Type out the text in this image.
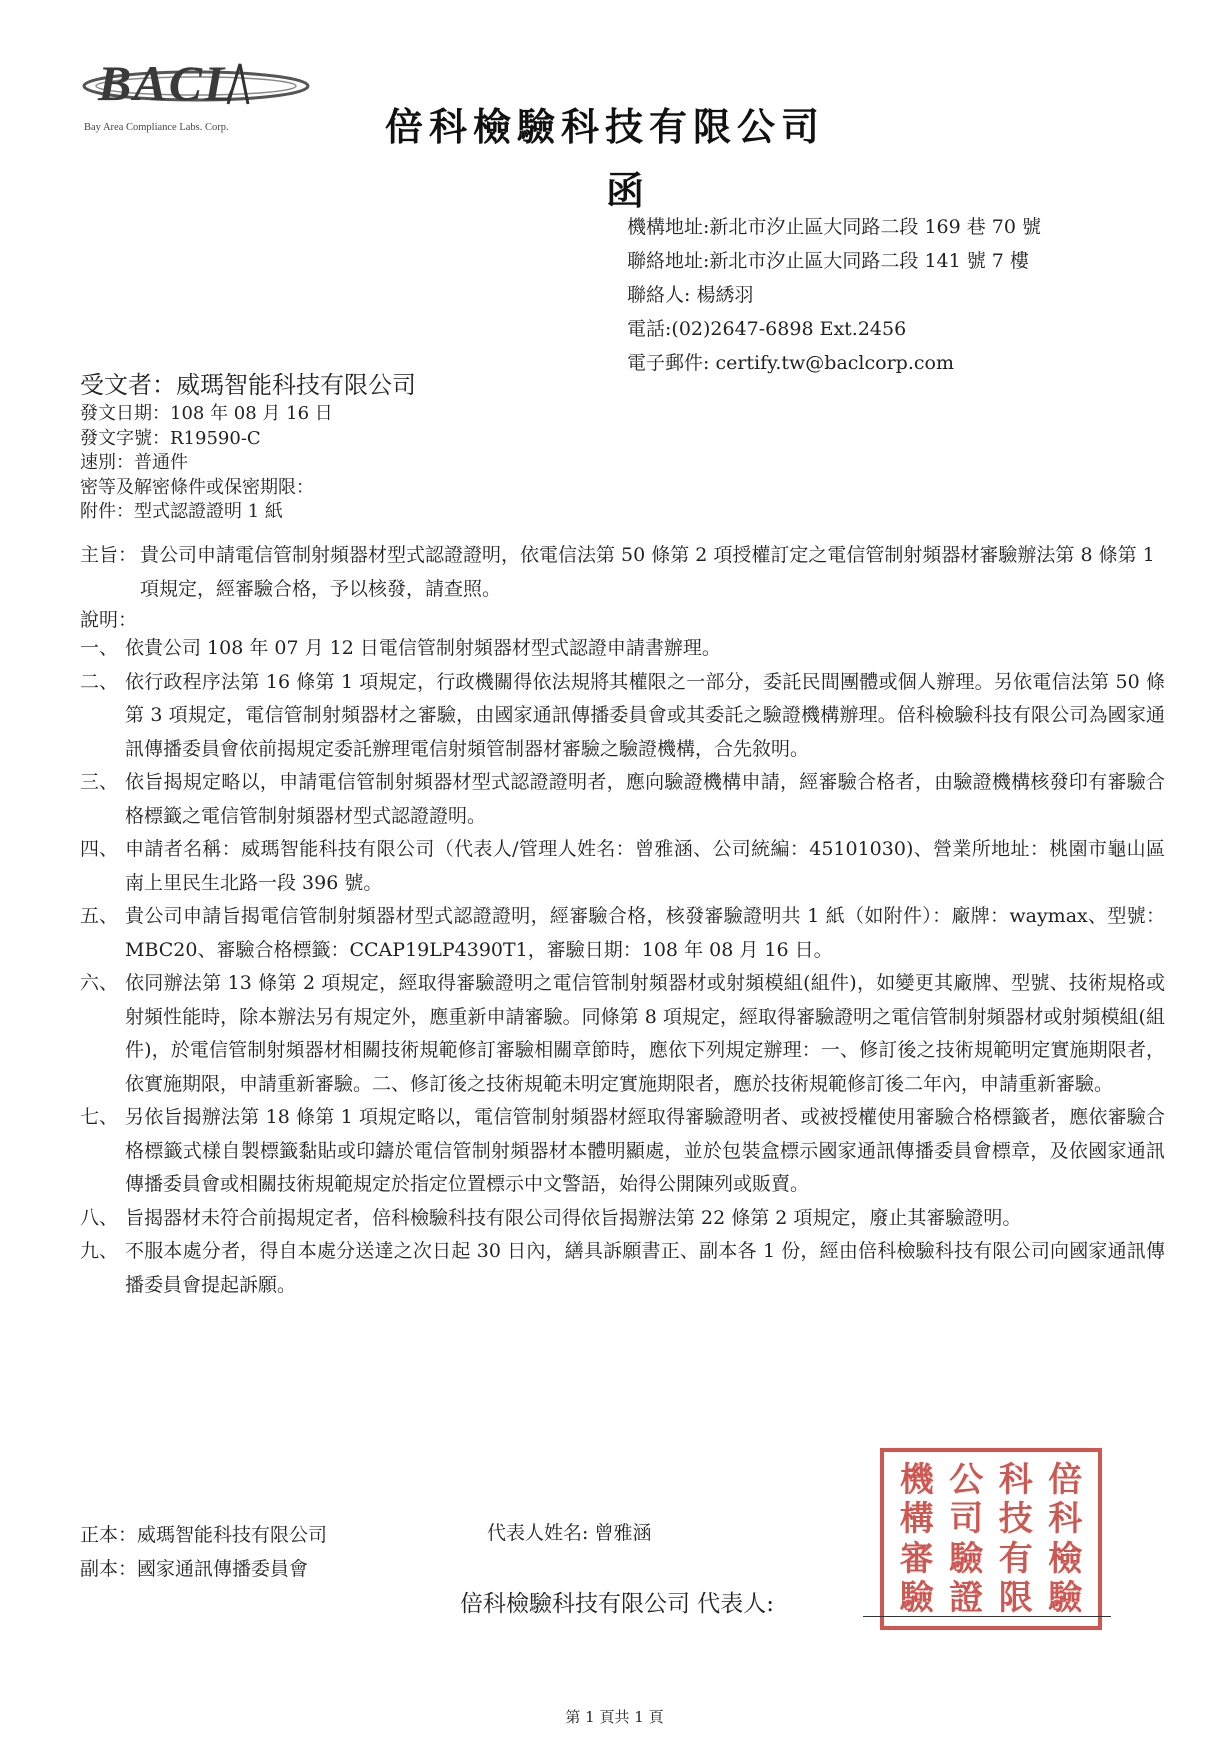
BACL
Bay Area Compliance Labs. Corp.	倍科檢驗科技有限公司
函
機構地址:新北市汐止區大同路二段 169 巷 70 號
聯絡地址:新北市汐止區大同路二段 141 號 7 樓
聯絡人: 楊綉羽
電話:(02)2647-6898 Ext.2456
電子郵件: certify.tw@baclcorp.com
受文者：威瑪智能科技有限公司
發文日期：108 年 08 月 16 日
發文字號：R19590-C
速別：普通件
密等及解密條件或保密期限：
附件：型式認證證明 1 紙
主旨： 貴公司申請電信管制射頻器材型式認證證明，依電信法第 50 條第 2 項授權訂定之電信管制射頻器材審驗辦法第 8 條第 1 項規定，經審驗合格，予以核發，請查照。
說明：
一、 依貴公司 108 年 07 月 12 日電信管制射頻器材型式認證申請書辦理。
二、 依行政程序法第 16 條第 1 項規定，行政機關得依法規將其權限之一部分，委託民間團體或個人辦理。另依電信法第 50 條第 3 項規定，電信管制射頻器材之審驗，由國家通訊傳播委員會或其委託之驗證機構辦理。倍科檢驗科技有限公司為國家通訊傳播委員會依前揭規定委託辦理電信射頻管制器材審驗之驗證機構，合先敘明。
三、 依旨揭規定略以，申請電信管制射頻器材型式認證證明者，應向驗證機構申請，經審驗合格者，由驗證機構核發印有審驗合格標籤之電信管制射頻器材型式認證證明。
四、 申請者名稱：威瑪智能科技有限公司（代表人/管理人姓名：曾雅涵、公司統編：45101030)、營業所地址：桃園市龜山區南上里民生北路一段 396 號。
五、 貴公司申請旨揭電信管制射頻器材型式認證證明，經審驗合格，核發審驗證明共 1 紙（如附件）：廠牌：waymax、型號：MBC20、審驗合格標籤：CCAP19LP4390T1，審驗日期：108 年 08 月 16 日。
六、 依同辦法第 13 條第 2 項規定，經取得審驗證明之電信管制射頻器材或射頻模組(組件)，如變更其廠牌、型號、技術規格或射頻性能時，除本辦法另有規定外，應重新申請審驗。同條第 8 項規定，經取得審驗證明之電信管制射頻器材或射頻模組(組件)，於電信管制射頻器材相關技術規範修訂審驗相關章節時，應依下列規定辦理：一、修訂後之技術規範明定實施期限者，依實施期限，申請重新審驗。二、修訂後之技術規範未明定實施期限者，應於技術規範修訂後二年內，申請重新審驗。
七、 另依旨揭辦法第 18 條第 1 項規定略以，電信管制射頻器材經取得審驗證明者、或被授權使用審驗合格標籤者，應依審驗合格標籤式樣自製標籤黏貼或印鑄於電信管制射頻器材本體明顯處，並於包裝盒標示國家通訊傳播委員會標章，及依國家通訊傳播委員會或相關技術規範規定於指定位置標示中文警語，始得公開陳列或販賣。
八、 旨揭器材未符合前揭規定者，倍科檢驗科技有限公司得依旨揭辦法第 22 條第 2 項規定，廢止其審驗證明。
九、 不服本處分者，得自本處分送達之次日起 30 日內，繕具訴願書正、副本各 1 份，經由倍科檢驗科技有限公司向國家通訊傳播委員會提起訴願。
機 公 科 倍
構 司 技 科
審 驗 有 檢
驗 證 限 驗
正本：威瑪智能科技有限公司
副本：國家通訊傳播委員會
代表人姓名: 曾雅涵
倍科檢驗科技有限公司 代表人:
第 1 頁共 1 頁
